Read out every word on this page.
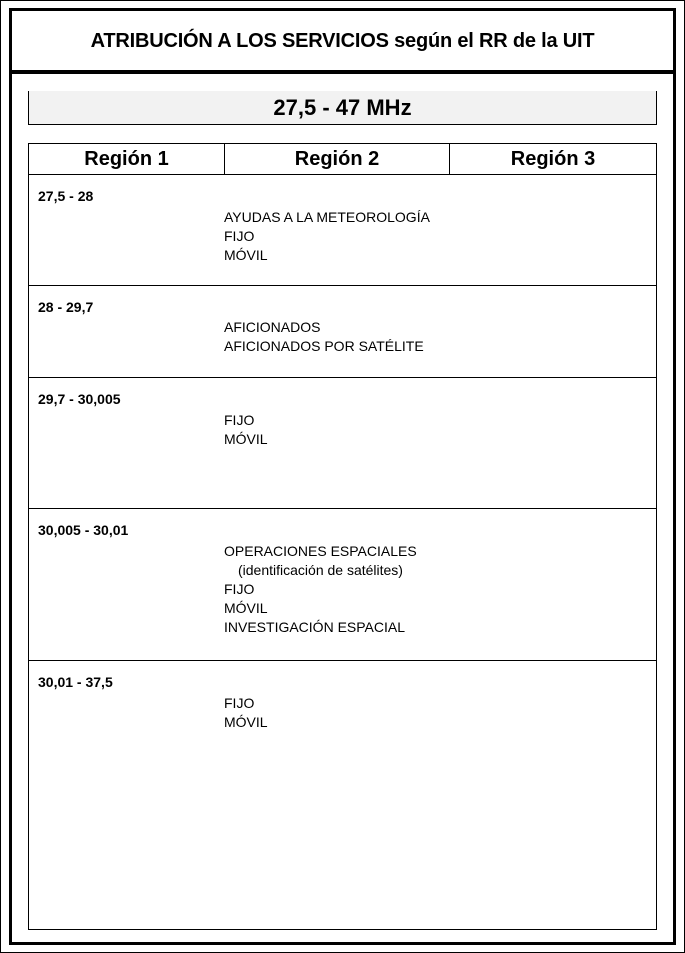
ATRIBUCIÓN A LOS SERVICIOS según el RR de la UIT
27,5 - 47 MHz
Región 1	Región 2	Región 3
27,5 - 28
AYUDAS A LA METEOROLOGÍA
FIJO
MÓVIL
28 - 29,7
AFICIONADOS
AFICIONADOS POR SATÉLITE
29,7 - 30,005
FIJO
MÓVIL
30,005 - 30,01
OPERACIONES ESPACIALES
(identificación de satélites)
FIJO
MÓVIL
INVESTIGACIÓN ESPACIAL
30,01 - 37,5
FIJO
MÓVIL
